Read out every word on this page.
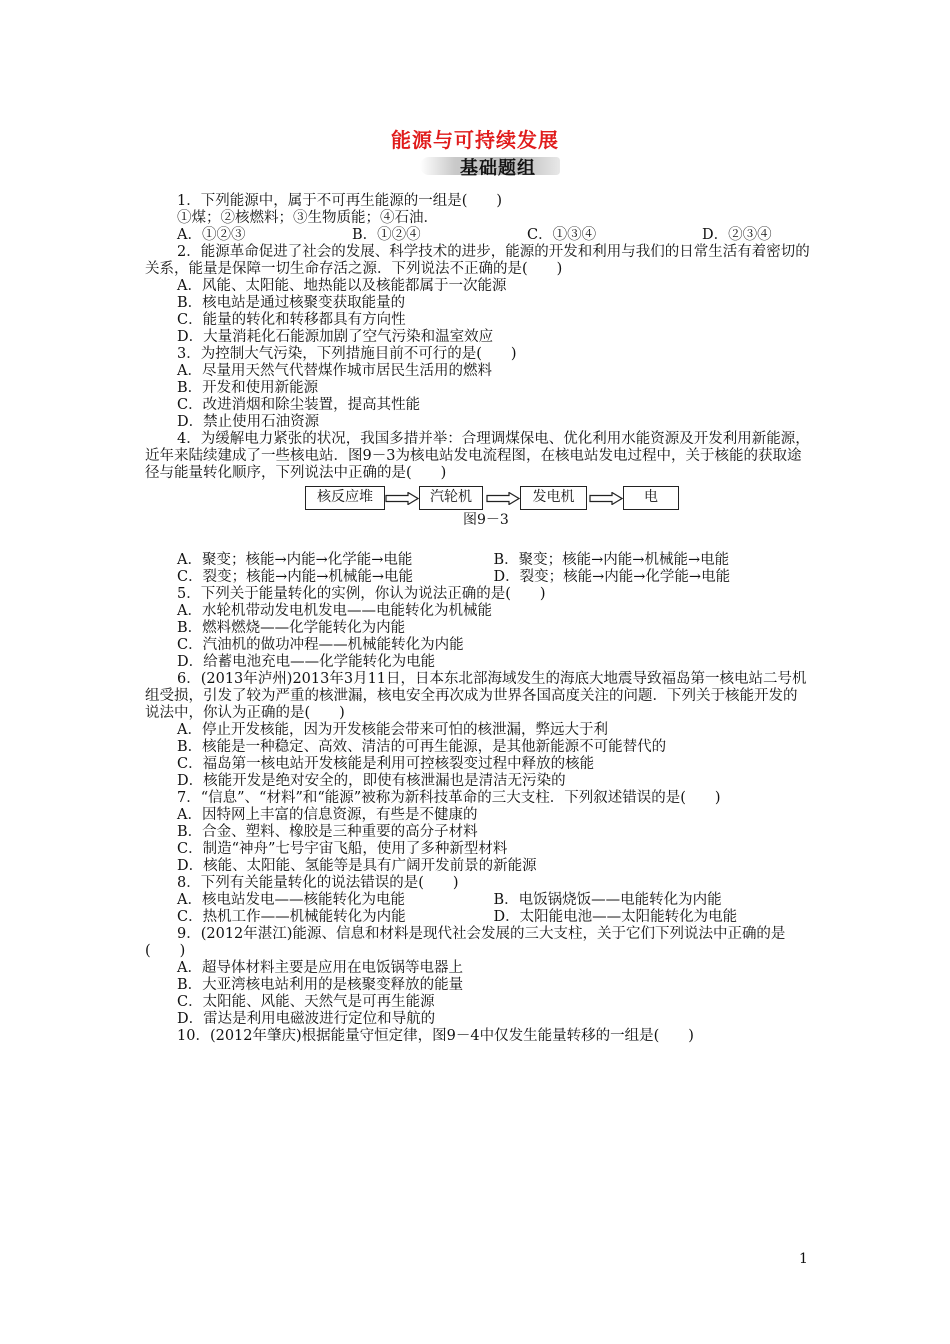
能源与可持续发展
基础题组

1．下列能源中，属于不可再生能源的一组是(　　)

①煤；②核燃料；③生物质能；④石油．

A．①②③	B．①②④	C．①③④	D．②③④

2．能源革命促进了社会的发展、科学技术的进步，能源的开发和利用与我们的日常生活有着密切的关系，能量是保障一切生命存活之源．下列说法不正确的是(　　)

A．风能、太阳能、地热能以及核能都属于一次能源

B．核电站是通过核聚变获取能量的

C．能量的转化和转移都具有方向性

D．大量消耗化石能源加剧了空气污染和温室效应

3．为控制大气污染，下列措施目前不可行的是(　　)

A．尽量用天然气代替煤作城市居民生活用的燃料

B．开发和使用新能源

C．改进消烟和除尘装置，提高其性能

D．禁止使用石油资源

4．为缓解电力紧张的状况，我国多措并举：合理调煤保电、优化利用水能资源及开发利用新能源，近年来陆续建成了一些核电站．图9－3为核电站发电流程图，在核电站发电过程中，关于核能的获取途径与能量转化顺序，下列说法中正确的是(　　)

核反应堆	汽轮机	发电机	电
图9－3
A．聚变；核能→内能→化学能→电能	B．聚变；核能→内能→机械能→电能
C．裂变；核能→内能→机械能→电能	D．裂变；核能→内能→化学能→电能

5．下列关于能量转化的实例，你认为说法正确的是(　　)

A．水轮机带动发电机发电——电能转化为机械能

B．燃料燃烧——化学能转化为内能

C．汽油机的做功冲程——机械能转化为内能

D．给蓄电池充电——化学能转化为电能

6．(2013年泸州)2013年3月11日，日本东北部海域发生的海底大地震导致福岛第一核电站二号机组受损，引发了较为严重的核泄漏，核电安全再次成为世界各国高度关注的问题．下列关于核能开发的说法中，你认为正确的是(　　)

A．停止开发核能，因为开发核能会带来可怕的核泄漏，弊远大于利

B．核能是一种稳定、高效、清洁的可再生能源，是其他新能源不可能替代的

C．福岛第一核电站开发核能是利用可控核裂变过程中释放的核能

D．核能开发是绝对安全的，即使有核泄漏也是清洁无污染的

7．“信息”、“材料”和“能源”被称为新科技革命的三大支柱．下列叙述错误的是(　　)

A．因特网上丰富的信息资源，有些是不健康的

B．合金、塑料、橡胶是三种重要的高分子材料

C．制造“神舟”七号宇宙飞船，使用了多种新型材料

D．核能、太阳能、氢能等是具有广阔开发前景的新能源

8．下列有关能量转化的说法错误的是(　　)

A．核电站发电——核能转化为电能	B．电饭锅烧饭——电能转化为内能
C．热机工作——机械能转化为内能	D．太阳能电池——太阳能转化为电能

9．(2012年湛江)能源、信息和材料是现代社会发展的三大支柱，关于它们下列说法中正确的是(　　)

A．超导体材料主要是应用在电饭锅等电器上

B．大亚湾核电站利用的是核聚变释放的能量

C．太阳能、风能、天然气是可再生能源

D．雷达是利用电磁波进行定位和导航的

10．(2012年肇庆)根据能量守恒定律，图9－4中仅发生能量转移的一组是(　　)

1
